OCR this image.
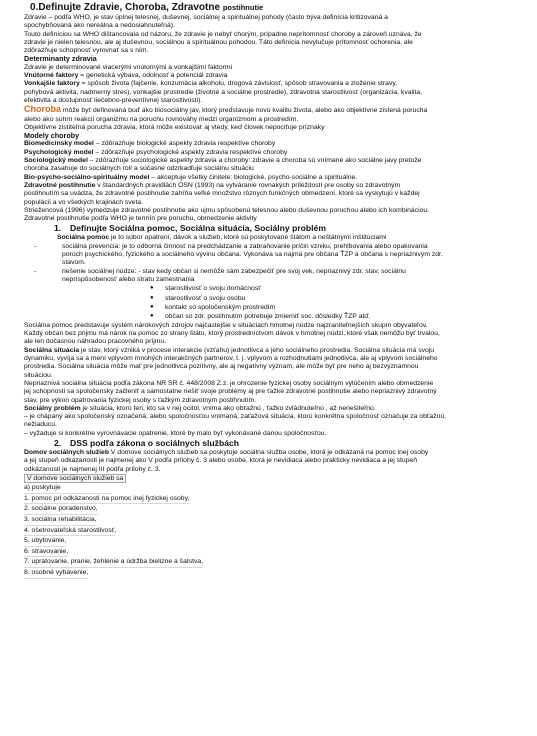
0.Definujte Zdravie, Choroba, Zdravotne postihnutie
Zdravie – podľa WHO, je stav úplnej telesnej, duševnej, sociálnej a spirituálnej pohody (často býva definícia kritizovaná a
spochybňovaná ako nereálna a nedosiahnuteľná).
Touto definíciou sa WHO dištancovala od názoru, že zdravie je nebyť chorým, prípadne neprítomnosť choroby a zároveň uznáva, že
zdravie je nielen telesnou, ale aj duševnou, sociálnou a spirituálnou pohodou. Táto definícia nevylučuje prítomnosť ochorenia, ale
zdôrazňuje schopnosť vyrovnať sa s ním.
Determinanty zdravia
Zdravie je determinované viacerými vnútornými a vonkajšími faktormi
Vnútorné faktory = genetická výbava, odolnosť a potenciál zdravia
Vonkajšie faktory = spôsob života (fajčenie, konzumácia alkoholu, drogová závislosť, spôsob stravovania a zloženie stravy,
pohybová aktivita, nadmerný stres), vonkajšie prostredie (životné a sociálne prostredie), zdravotná starostlivosť (organizácia, kvalita,
efektivita a dostupnosť liečebno-preventívnej starostlivosti).
Choroba môže byť definovaná buď ako biosociálny jav, ktorý predstavuje novú kvalitu života, alebo ako objektívne zistená porucha
alebo ako súhrn reakcií organizmu na poruchu rovnováhy medzi organizmom a prostredím.
Objektívne zistiteľná porucha zdravia, ktorá môže existovať aj vtedy, keď človek nepociťuje príznaky
Modely choroby
Biomedicínsky model – zdôrazňuje biologické aspekty zdravia respektíve choroby
Psychologický model – zdôrazňuje psychologické aspekty zdravia respektíve choroby
Sociologický model – zdôrazňuje sociologické aspekty zdravia a choroby: zdravie a choroba sú vnímané ako sociálne javy pretože
choroba zasahuje do sociálnych rolí a súčasne odzrkadľuje sociálnu situáciu
Bio-psycho-sociálno-spirituálny model – akceptuje všetky činitele: biologické, psycho-sociálne a spirituálne.
Zdravotné postihnutie v štandardných pravidlách OSN (1993) na vytváranie rovnakých príležitostí pre osoby so zdravotným
postihnutím sa uvádza, že zdravotné postihnutie zahŕňa veľké množstvo rôznych funkčných obmedzení, ktoré sa vyskytujú v každej
populácii a vo všetkých krajinách sveta.
Striežencová (1996) vymedzuje zdravotné postihnutie ako ujmu spôsobenú telesnou alebo duševnou poruchou alebo ich kombináciou.
Zdravotné postihnutie podľa WHO je termín pre poruchu, obmedzenie aktivity
1. Definujte Sociálna pomoc, Sociálna situácia, Sociálny problém
Sociálna pomoc je to súbor opatrení, dávok a služieb, ktoré sú poskytované štátom a neštátnymi inštitúciami
-	sociálna prevencia: je to odborná činnosť na predchádzanie a zabraňovanie príčin vzniku, prehlbovania alebo opakovania
porúch psychického, fyzického a sociálneho vývinu občana. Vykonáva sa najmä pre občana ŤZP a občana s nepriaznivým zdr.
stavom.
-	riešenie sociálnej núdze: - stav kedy občan si nemôže sám zabezpečiť pre svoj vek, nepriaznivý zdr. stav, sociálnu
nepríspôsobenosť alebo stratu zamestnania
●	starostlivosť o svoju domácnosť
●	starostlivosť o svoju osobu
●	kontakt so spoločenským prostredím
●	občan so zdr. postihnutím potrebuje zmierniť soc. dôsledky ŤZP atď.
Sociálna pomoc predstavuje systém nárokových zdrojov najčastejšie v situáciach hmotnej núdze najzraniteľnejších skupín obyvateľov.
Každý občan bez prijmu má nárok na pomoc zo strany štátu, ktorý prostredníctvom dávok v hmotnej núdzi, ktoré však nemôžu byť trvalou,
ale len dočasnou náhradou pracovného príjmu.
Sociálna situácia je stav, ktorý vzniká v procese interakcie (vzťahu) jednotlivca a jeho sociálneho prostredia. Sociálna situácia má svoju
dynamiku, vyvíja sa a mení vplyvom mnohých interakčných partnerov, t. j. vplyvom a rozhodnutiami jednotlivca, ale aj vplyvom sociálneho
prostredia. Sociálna situácia môže mať pre jednotlivca pozitívny, ale aj negatívny význam, ale môže byť pre neho aj bezvýznamnou
situáciou.
Nepriaznivá sociálna situácia podľa zákona NR SR č. 448/2008 Z.z. je ohrozenie fyzickej osoby sociálnym vylúčením alebo obmedzenie
jej schopnosti sa spoločensky začleniť a samostatne riešiť svoje problémy aj pre ťažké zdravotné postihnutie alebo nepriaznivý zdravotný
stav, pre výkon opatrovania fyzickej osoby s ťažkým zdravotným postihnutím.
Sociálny problém je situácia, ktorú ten, kto sa v nej ocitol, vníma ako obťažnú , ťažko zvládnuteľnú , až neriešiteľnú.
– je chápaný ako spoločenský označená, alebo spoločnosťou vnímaná, zaťažová situácia, ktorú konkrétna spoločnosť označuje za obťažnú,
nežiaducu.
– vyžaduje si konkrétne vyrovnávacie opatrenie, ktoré by malo byť vykonávané danou spoločnosťou.
2. DSS podľa zákona o sociálnych službách
Domov sociálnych služieb V domove sociálnych služieb sa poskytuje sociálna služba osobe, ktorá je odkázaná na pomoc inej osoby
a jej stupeň odkázanosti je najmenej ako V podľa prílohy č. 3 alebo osobe, ktorá je nevidiaca alebo prakticky nevidiaca a jej stupeň
odkázanosti je najmenej III podľa prílohy č. 3.
V domove sociálnych služieb sa
a) poskytuje
1. pomoc pri odkázanosti na pomoc inej fyzickej osoby,
2. sociálne poradenstvo,
3. sociálna rehabilitácia,
4. ošetrovateľská starostlivosť,
5. ubytovanie,
6. stravovanie,
7. upratovanie, pranie, žehlenie a údržba bielizne a šatstva,
8. osobné vybavenie,
